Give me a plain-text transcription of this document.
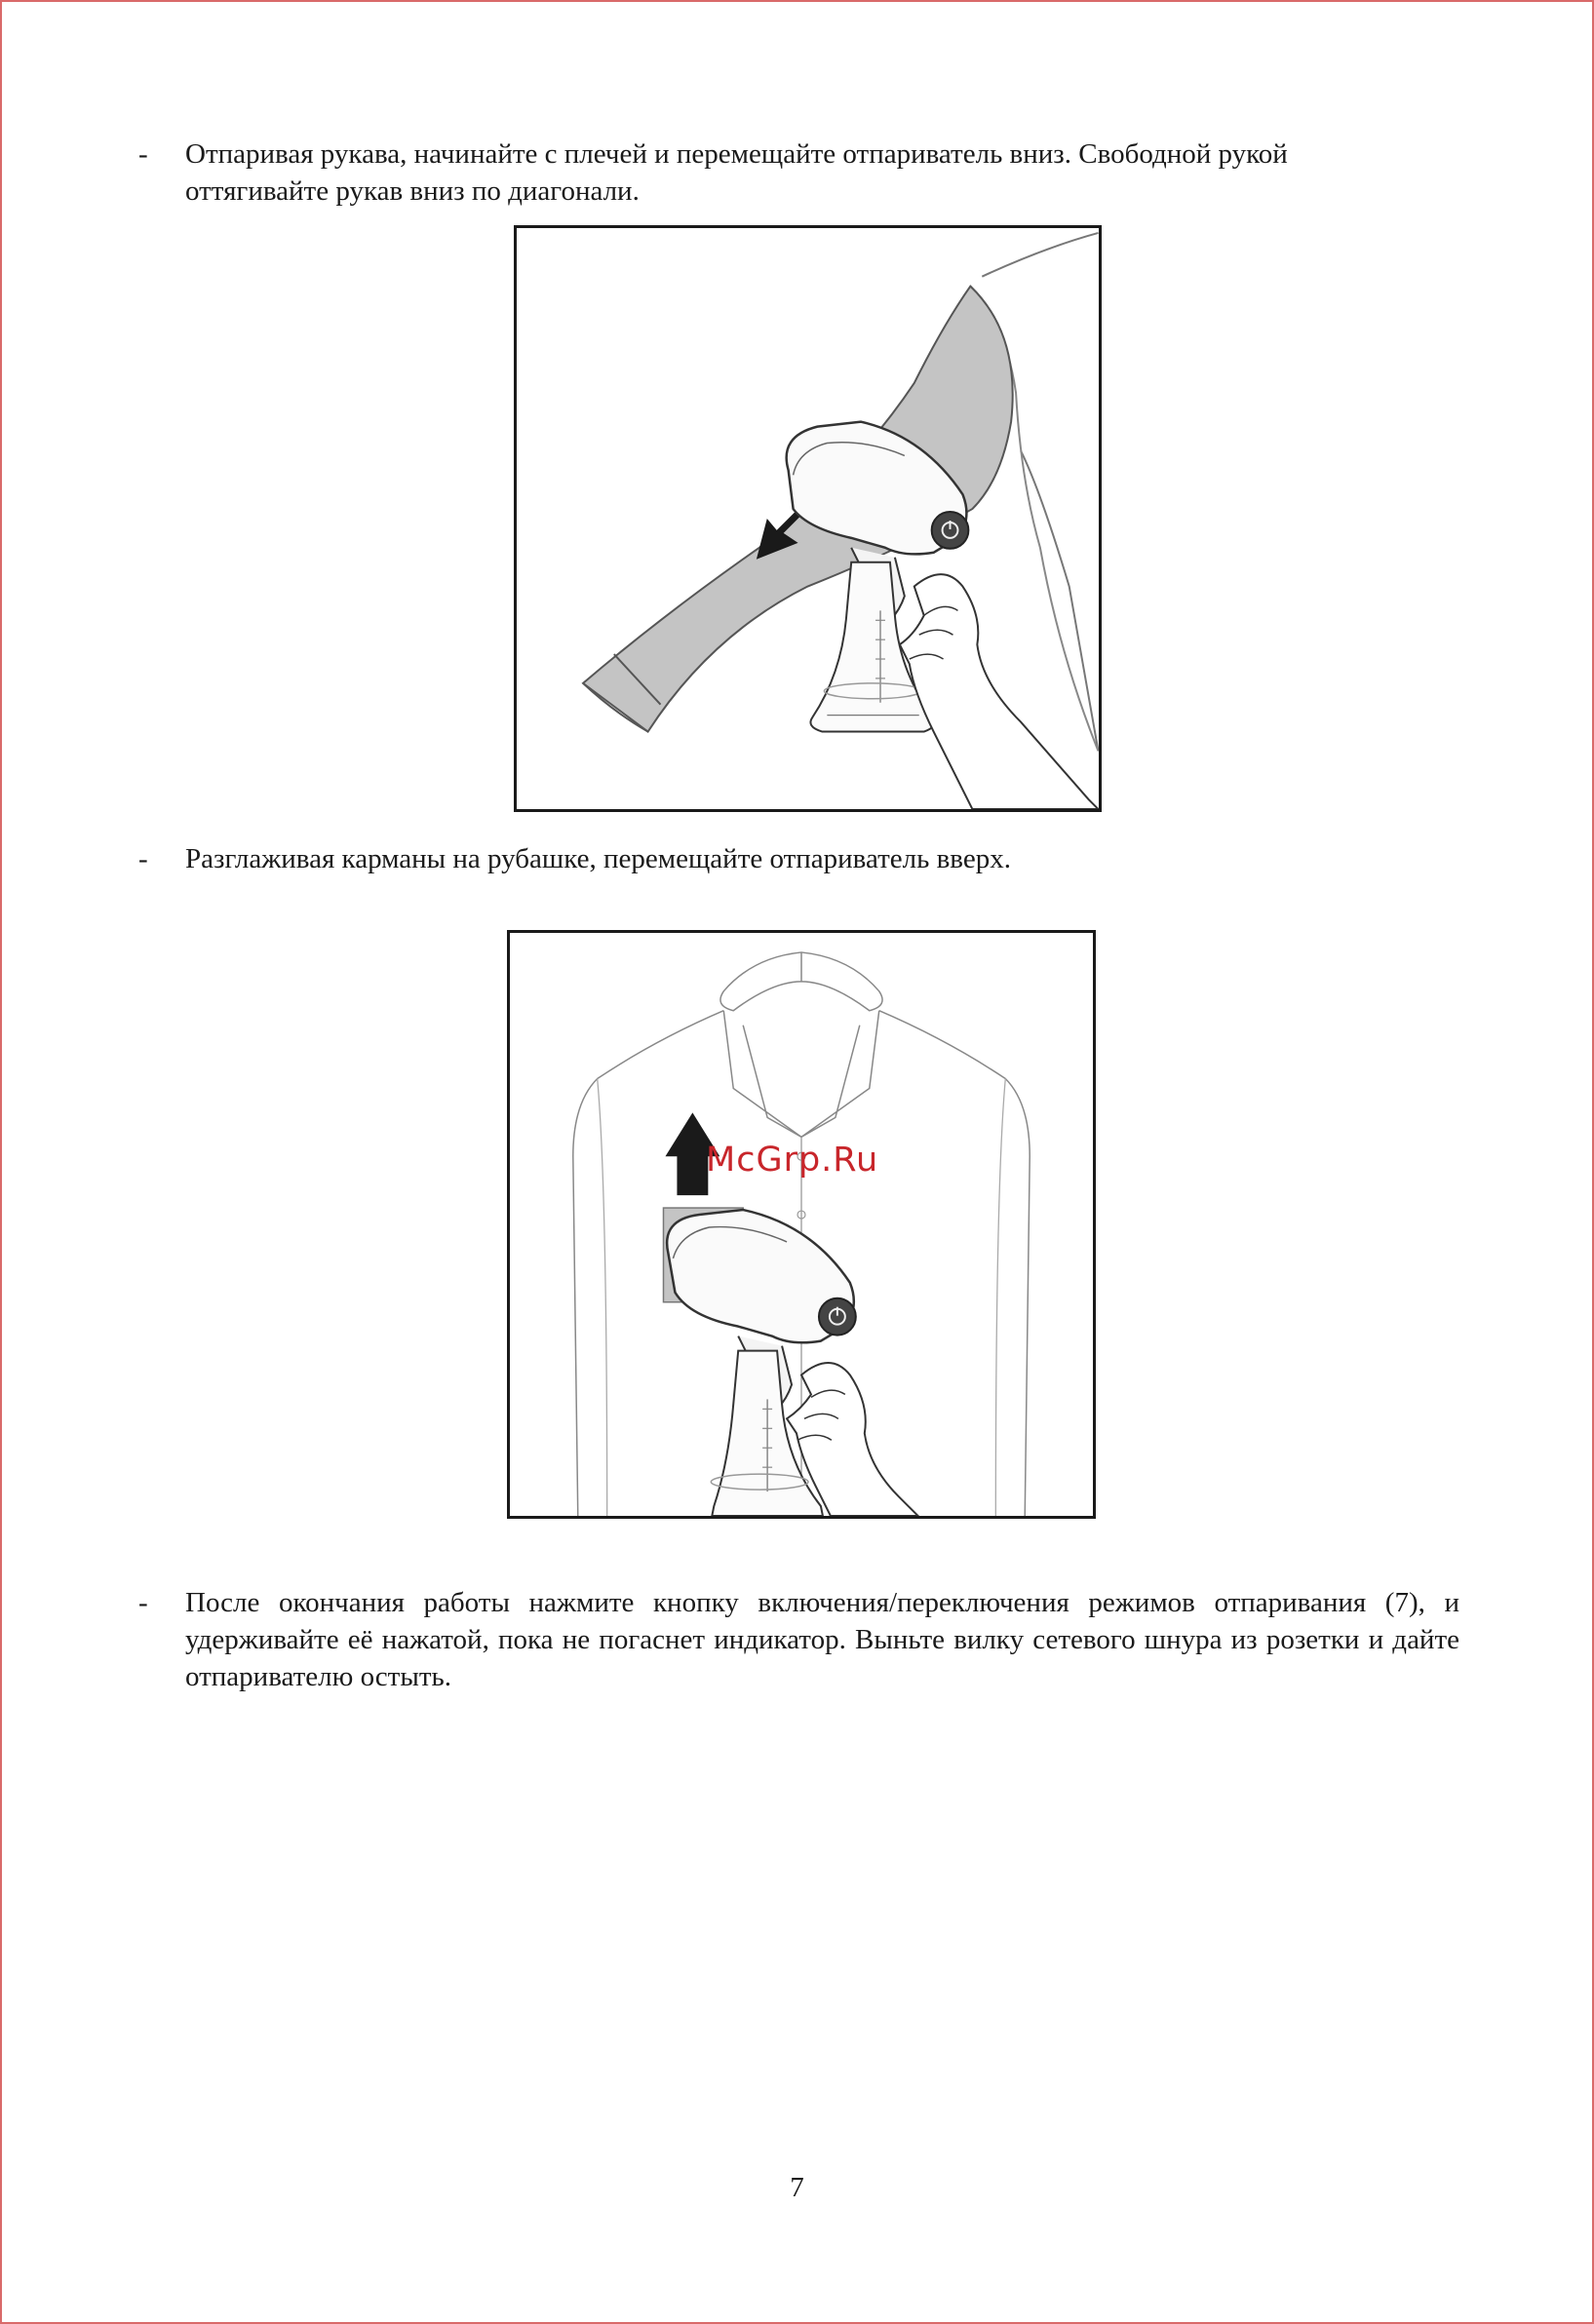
- Отпаривая рукава, начинайте с плечей и перемещайте отпариватель вниз. Свободной рукой оттягивайте рукав вниз по диагонали.
- Разглаживая карманы на рубашке, перемещайте отпариватель вверх.
McGrp.Ru
- После окончания работы нажмите кнопку включения/переключения режимов отпаривания (7), и удерживайте её нажатой, пока не погаснет индикатор. Выньте вилку сетевого шнура из розетки и дайте отпаривателю остыть.
7
